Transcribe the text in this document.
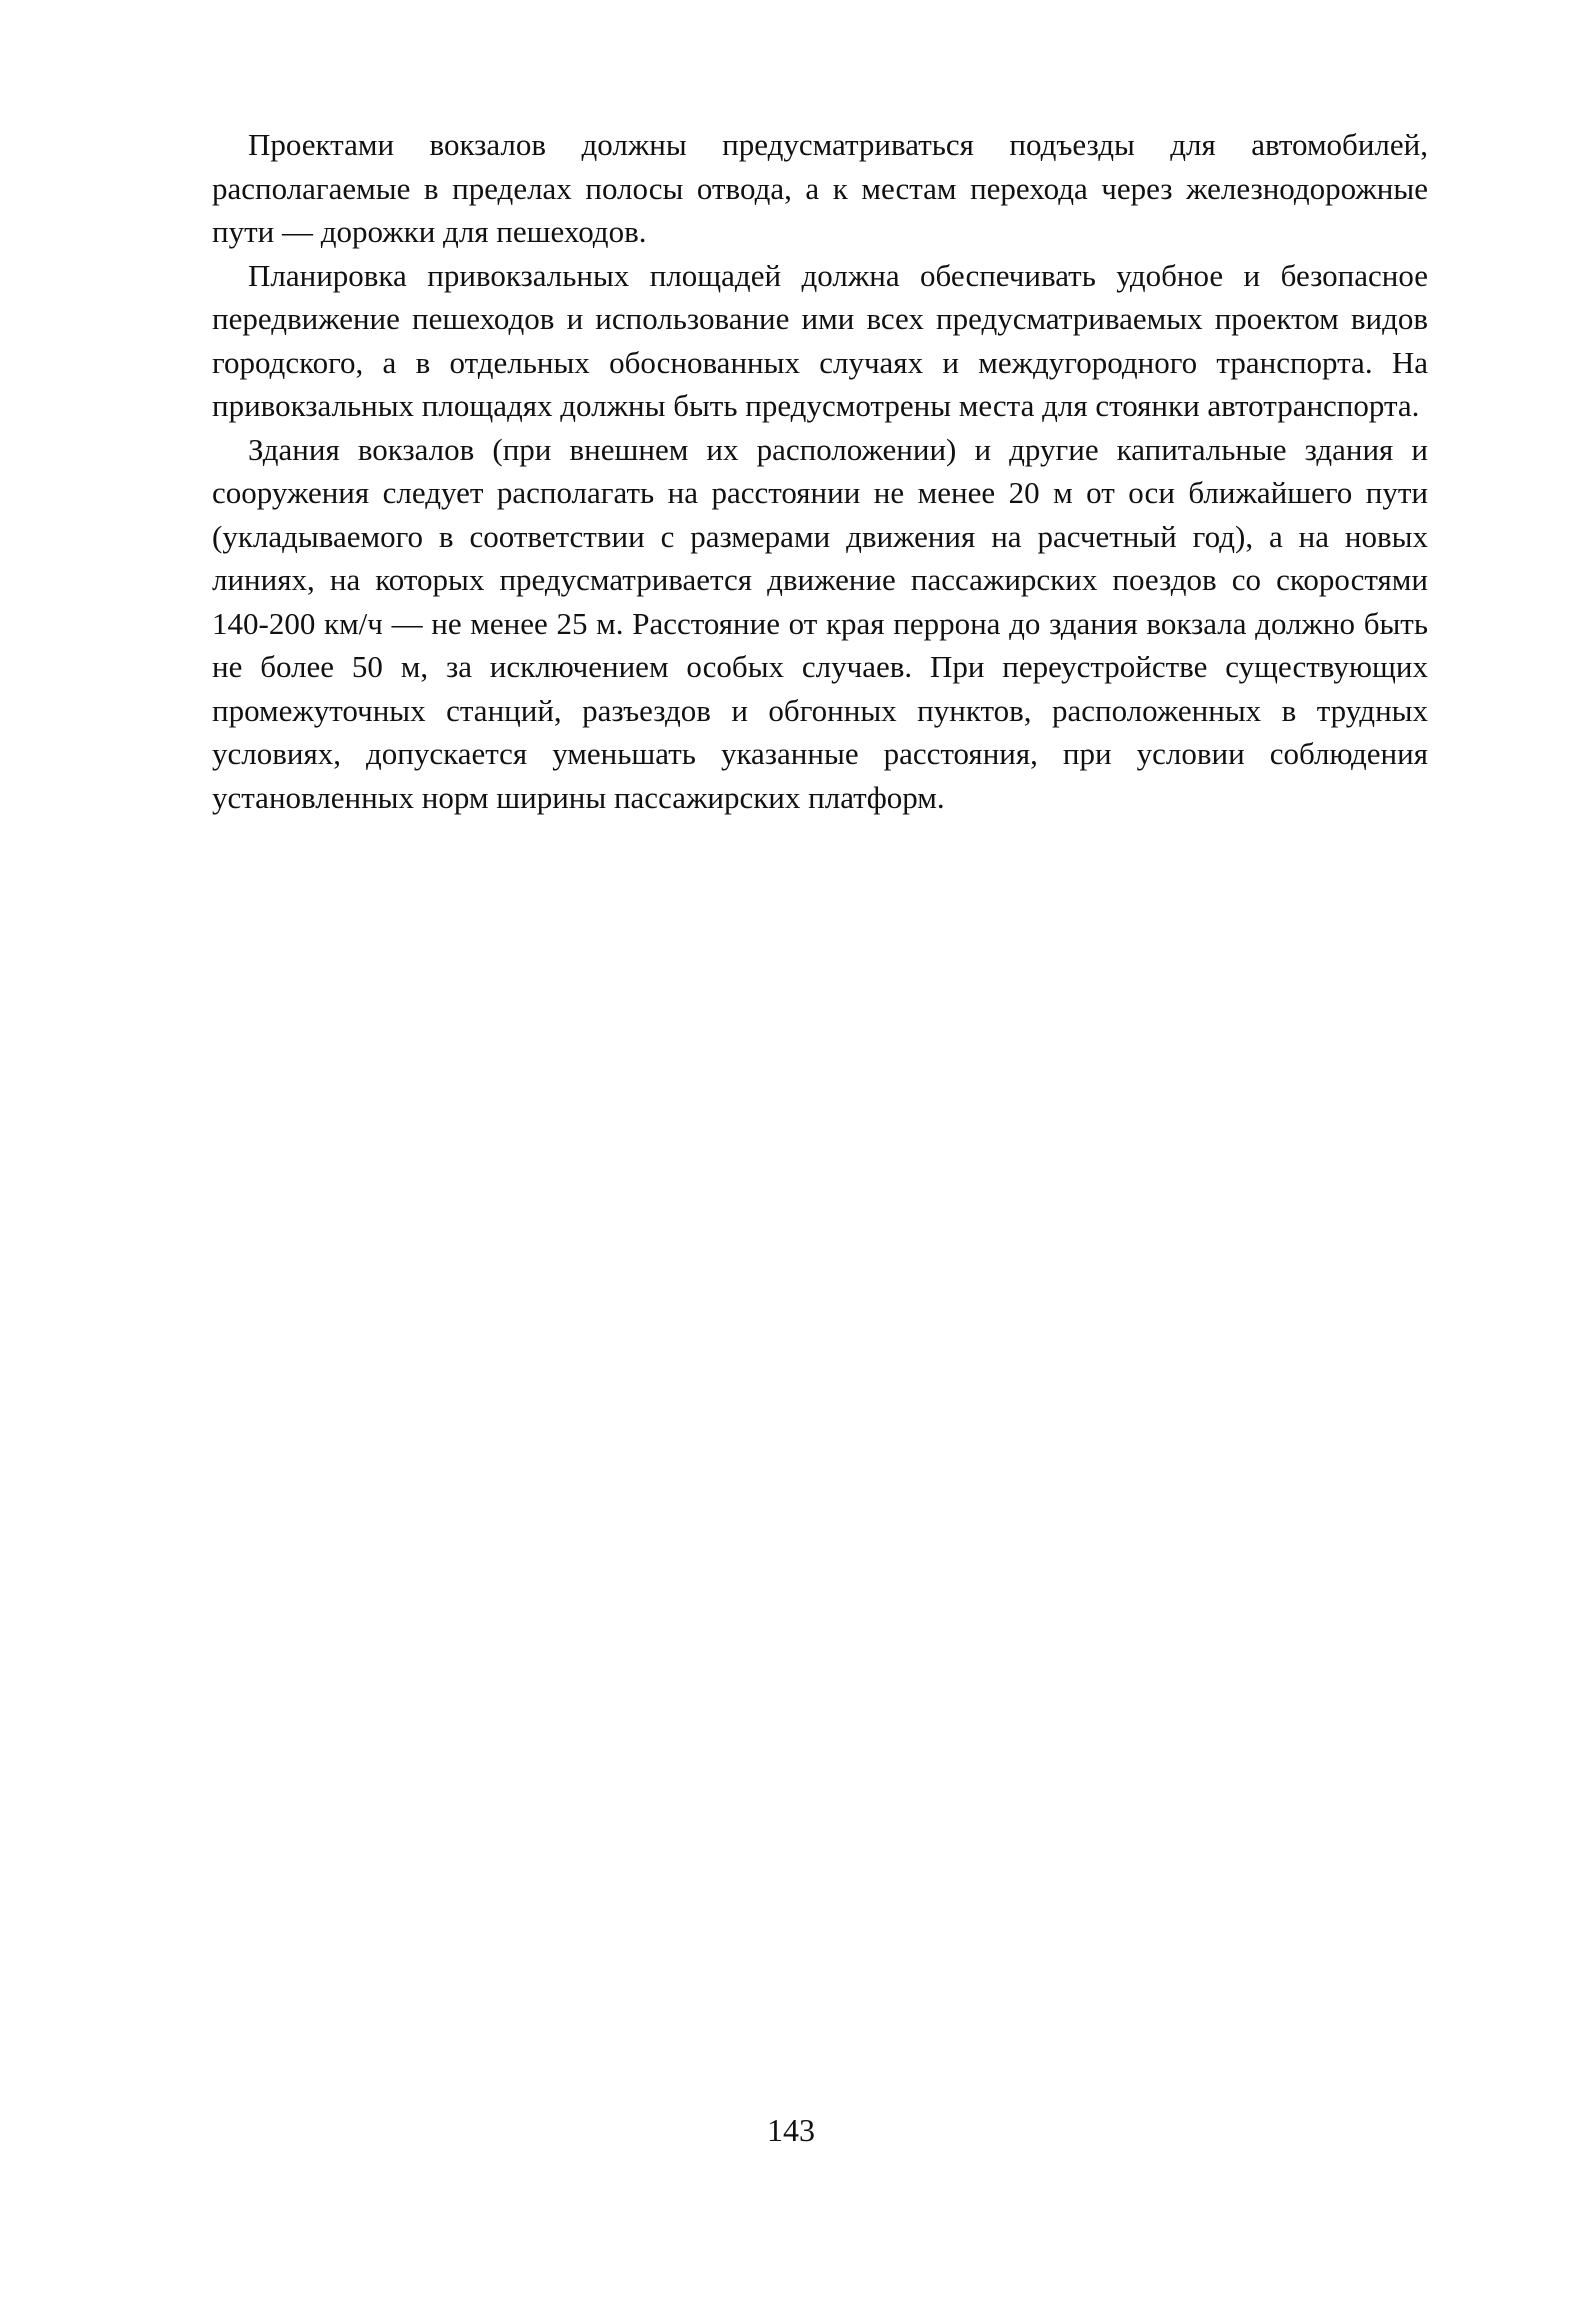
Проектами вокзалов должны предусматриваться подъезды для автомобилей, располагаемые в пределах полосы отвода, а к местам перехода через железнодорожные пути — дорожки для пешеходов.

Планировка привокзальных площадей должна обеспечивать удобное и безопасное передвижение пешеходов и использование ими всех предусматриваемых проектом видов городского, а в отдельных обоснованных случаях и междугородного транспорта. На привокзальных площадях должны быть предусмотрены места для стоянки автотранспорта.

Здания вокзалов (при внешнем их расположении) и другие капитальные здания и сооружения следует располагать на расстоянии не менее 20 м от оси ближайшего пути (укладываемого в соответствии с размерами движения на расчетный год), а на новых линиях, на которых предусматривается движение пассажирских поездов со скоростями 140-200 км/ч — не менее 25 м. Расстояние от края перрона до здания вокзала должно быть не более 50 м, за исключением особых случаев. При переустройстве существующих промежуточных станций, разъездов и обгонных пунктов, расположенных в трудных условиях, допускается уменьшать указанные расстояния, при условии соблюдения установленных норм ширины пассажирских платформ.

143
